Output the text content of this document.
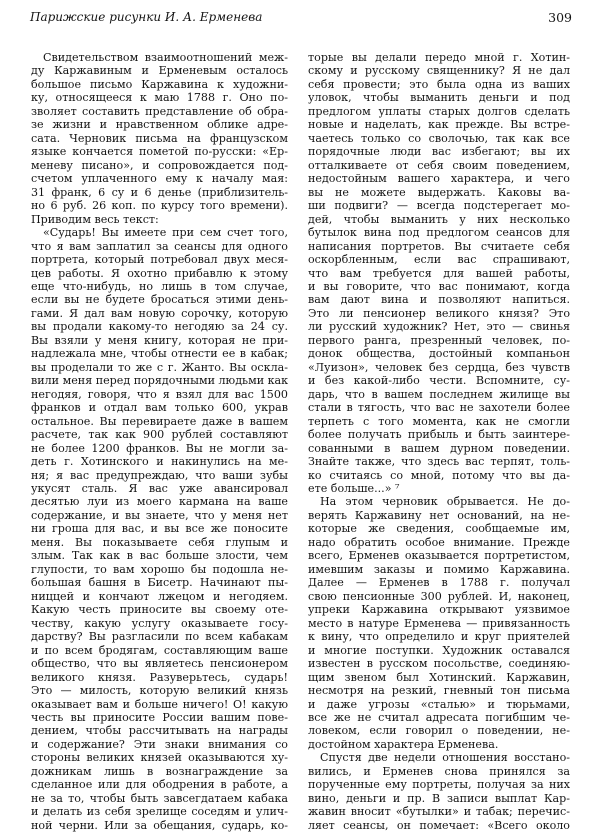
Парижские рисунки И. А. Ерменева	309
Свидетельством взаимоотношений меж-
ду Каржавиным и Ерменевым осталось
большое письмо Каржавина к художни-
ку, относящееся к маю 1788 г. Оно по-
зволяет составить представление об обра-
зе жизни и нравственном облике адре-
сата. Черновик письма на французском
языке кончается пометой по-русски: «Ер-
меневу писано», и сопровождается под-
счетом уплаченного ему к началу мая:
31 франк, 6 су и 6 денье (приблизитель-
но 6 руб. 26 коп. по курсу того времени).
Приводим весь текст:
«Сударь! Вы имеете при сем счет того,
что я вам заплатил за сеансы для одного
портрета, который потребовал двух меся-
цев работы. Я охотно прибавлю к этому
еще что-нибудь, но лишь в том случае,
если вы не будете бросаться этими день-
гами. Я дал вам новую сорочку, которую
вы продали какому-то негодяю за 24 су.
Вы взяли у меня книгу, которая не при-
надлежала мне, чтобы отнести ее в кабак;
вы проделали то же с г. Жанто. Вы оскла-
вили меня перед порядочными людьми как
негодяя, говоря, что я взял для вас 1500
франков и отдал вам только 600, украв
остальное. Вы перевираете даже в вашем
расчете, так как 900 рублей составляют
не более 1200 франков. Вы не могли за-
деть г. Хотинского и накинулись на ме-
ня; я вас предупреждаю, что ваши зубы
укусят сталь. Я вас уже авансировал
десятью луи из моего кармана на ваше
содержание, и вы знаете, что у меня нет
ни гроша для вас, и вы все же поносите
меня. Вы показываете себя глупым и
злым. Так как в вас больше злости, чем
глупости, то вам хорошо бы подошла не-
большая башня в Бисетр. Начинают пы-
ниццей и кончают лжецом и негодяем.
Какую честь приносите вы своему оте-
честву, какую услугу оказываете госу-
дарству? Вы разгласили по всем кабакам
и по всем бродягам, составляющим ваше
общество, что вы являетесь пенсионером
великого князя. Разуверьтесь, сударь!
Это — милость, которую великий князь
оказывает вам и больше ничего! О! какую
честь вы приносите России вашим пове-
дением, чтобы рассчитывать на награды
и содержание? Эти знаки внимания со
стороны великих князей оказываются ху-
дожникам лишь в вознаграждение за
сделанное или для ободрения в работе, а
не за то, чтобы быть завсегдатаем кабака
и делать из себя зрелище соседям и улич-
ной черни. Или за обещания, сударь, ко-
торые вы делали передо мной г. Хотин-
скому и русскому священнику? Я не дал
себя провести; это была одна из ваших
уловок, чтобы выманить деньги и под
предлогом уплаты старых долгов сделать
новые и наделать, как прежде. Вы встре-
чаетесь только со сволочью, так как все
порядочные люди вас избегают; вы их
отталкиваете от себя своим поведением,
недостойным вашего характера, и чего
вы не можете выдержать. Каковы ва-
ши подвиги? — всегда подстерегает мо-
дей, чтобы выманить у них несколько
бутылок вина под предлогом сеансов для
написания портретов. Вы считаете себя
оскорбленным, если вас спрашивают,
что вам требуется для вашей работы,
и вы говорите, что вас понимают, когда
вам дают вина и позволяют напиться.
Это ли пенсионер великого князя? Это
ли русский художник? Нет, это — свинья
первого ранга, презренный человек, по-
донок общества, достойный компаньон
«Луизон», человек без сердца, без чувств
и без какой-либо чести. Вспомните, су-
дарь, что в вашем последнем жилище вы
стали в тягость, что вас не захотели более
терпеть с того момента, как не смогли
более получать прибыль и быть заинтере-
сованными в вашем дурном поведении.
Знайте также, что здесь вас терпят, толь-
ко считаясь со мной, потому что вы да-
ете больше...» ⁷
На этом черновик обрывается. Не до-
верять Каржавину нет оснований, на не-
которые же сведения, сообщаемые им,
надо обратить особое внимание. Прежде
всего, Ерменев оказывается портретистом,
имевшим заказы и помимо Каржавина.
Далее — Ерменев в 1788 г. получал
свою пенсионные 300 рублей. И, наконец,
упреки Каржавина открывают уязвимое
место в натуре Ерменева — привязанность
к вину, что определило и круг приятелей
и многие поступки. Художник оставался
известен в русском посольстве, соединяю-
щим звеном был Хотинский. Каржавин,
несмотря на резкий, гневный тон письма
и даже угрозы «сталью» и тюрьмами,
все же не считал адресата погибшим че-
ловеком, если говорил о поведении, не-
достойном характера Ерменева.
Спустя две недели отношения восстано-
вились, и Ерменев снова принялся за
порученные ему портреты, получая за них
вино, деньги и пр. В записи выплат Кар-
жавин вносит «бутылки» и табак; перечис-
ляет сеансы, он помечает: «Всего около
